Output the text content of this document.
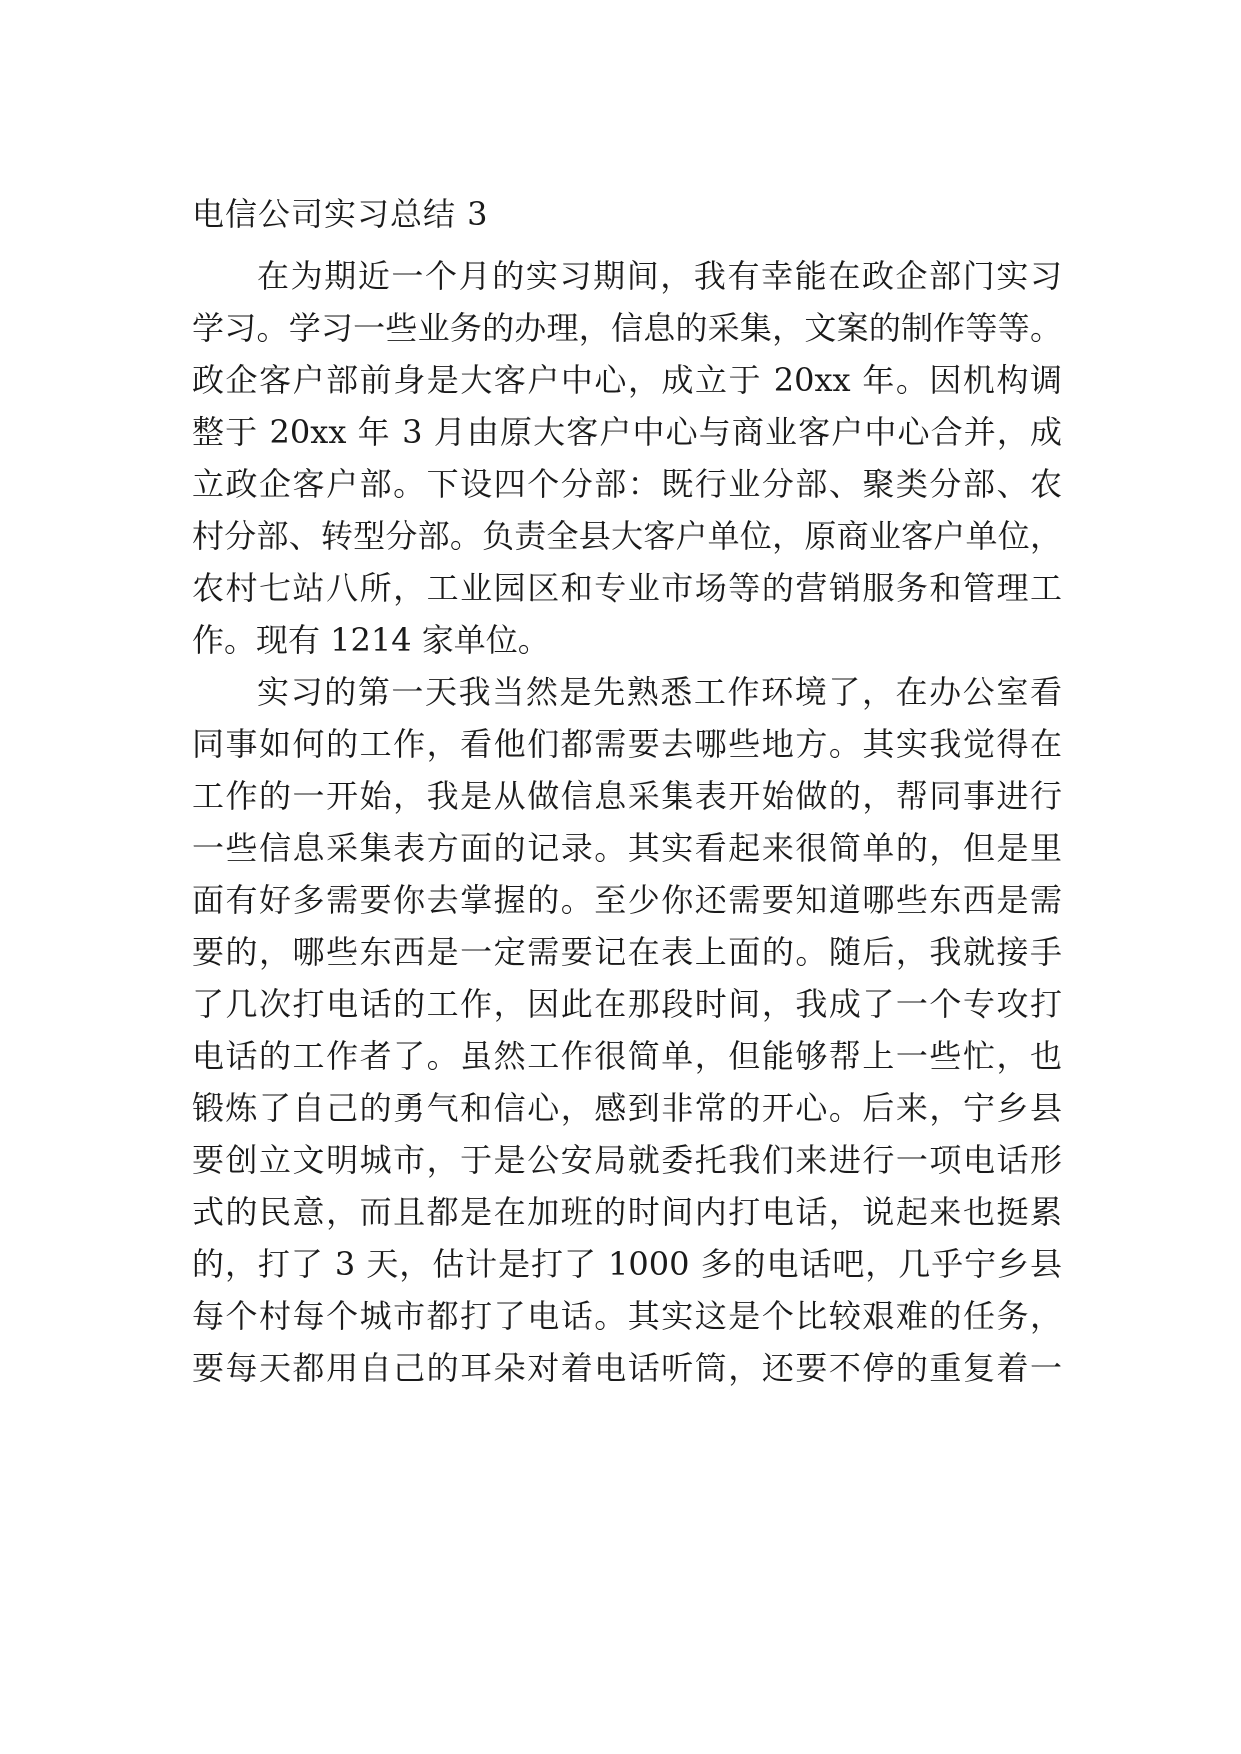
电信公司实习总结 3
在为期近一个月的实习期间，我有幸能在政企部门实习
学习。学习一些业务的办理，信息的采集，文案的制作等等。
政企客户部前身是大客户中心，成立于 20xx 年。因机构调
整于 20xx 年 3 月由原大客户中心与商业客户中心合并，成
立政企客户部。下设四个分部：既行业分部、聚类分部、农
村分部、转型分部。负责全县大客户单位，原商业客户单位，
农村七站八所，工业园区和专业市场等的营销服务和管理工
作。现有 1214 家单位。
实习的第一天我当然是先熟悉工作环境了，在办公室看
同事如何的工作，看他们都需要去哪些地方。其实我觉得在
工作的一开始，我是从做信息采集表开始做的，帮同事进行
一些信息采集表方面的记录。其实看起来很简单的，但是里
面有好多需要你去掌握的。至少你还需要知道哪些东西是需
要的，哪些东西是一定需要记在表上面的。随后，我就接手
了几次打电话的工作，因此在那段时间，我成了一个专攻打
电话的工作者了。虽然工作很简单，但能够帮上一些忙，也
锻炼了自己的勇气和信心，感到非常的开心。后来，宁乡县
要创立文明城市，于是公安局就委托我们来进行一项电话形
式的民意，而且都是在加班的时间内打电话，说起来也挺累
的，打了 3 天，估计是打了 1000 多的电话吧，几乎宁乡县
每个村每个城市都打了电话。其实这是个比较艰难的任务，
要每天都用自己的耳朵对着电话听筒，还要不停的重复着一
